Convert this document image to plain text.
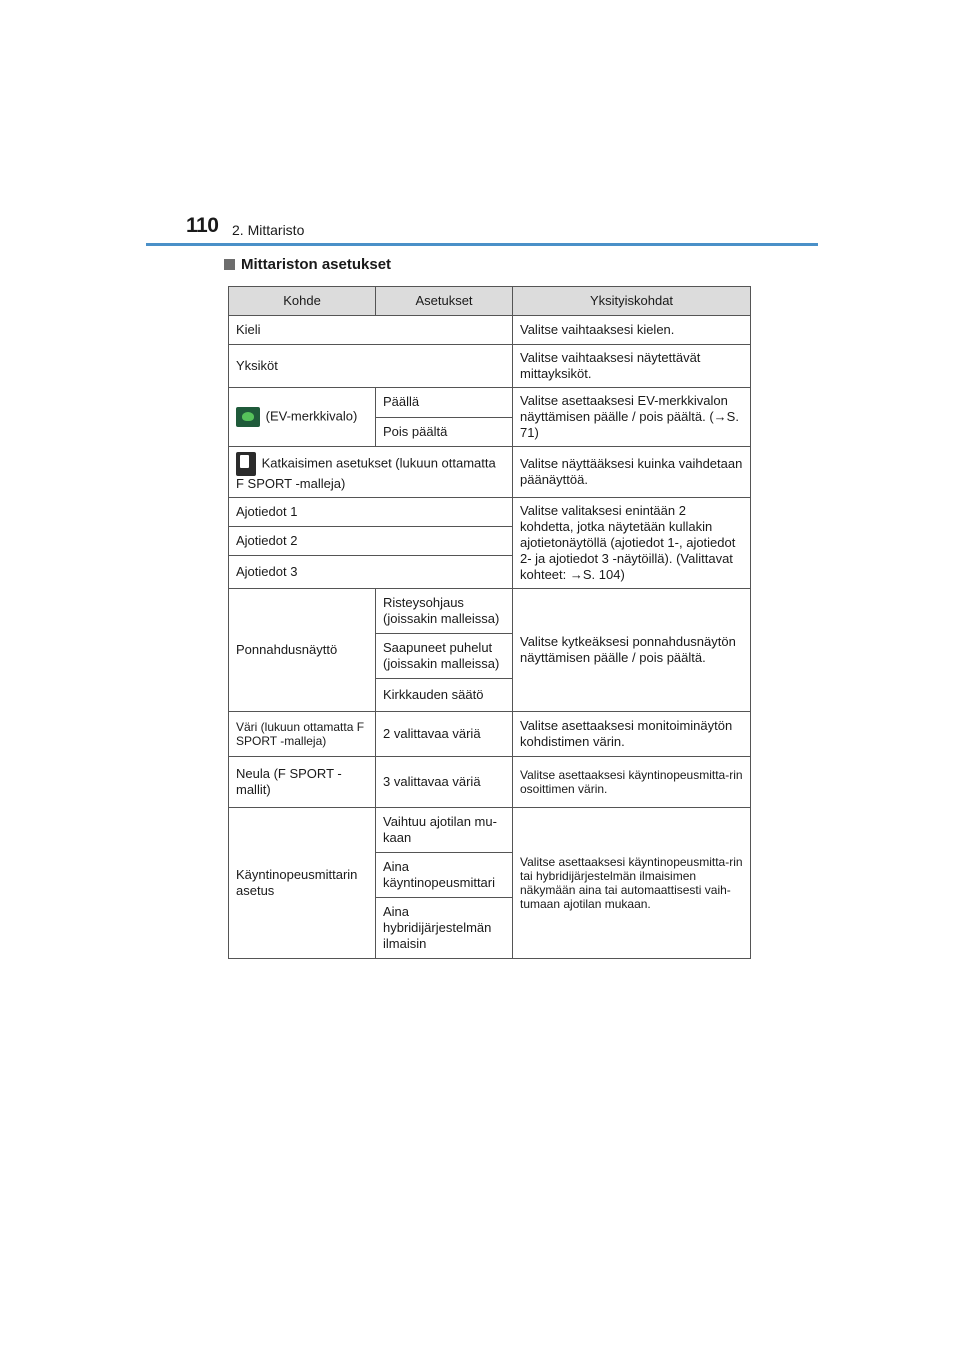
110 2. Mittaristo
Mittariston asetukset
Kohde	Asetukset	Yksityiskohdat
Kieli		Valitse vaihtaaksesi kielen.
Yksiköt		Valitse vaihtaaksesi näytettävät mittayksiköt.
(EV-merkkivalo)	Päällä	Valitse asettaaksesi EV-merkkivalon näyttämisen päälle / pois päältä. (→S. 71)
	Pois päältä	
Katkaisimen asetukset (lukuun ottamatta F SPORT -malleja)		Valitse näyttääksesi kuinka vaihdetaan päänäyttöä.
Ajotiedot 1		Valitse valitaksesi enintään 2 kohdetta, jotka näytetään kullakin ajotietonäytöllä (ajotiedot 1-, ajotiedot 2- ja ajotiedot 3 -näytöillä). (Valittavat kohteet: →S. 104)
Ajotiedot 2		
Ajotiedot 3		
Ponnahdusnäyttö	Risteysohjaus (joissakin malleissa)	Valitse kytkeäksesi ponnahdusnäytön näyttämisen päälle / pois päältä.
	Saapuneet puhelut (joissakin malleissa)	
	Kirkkauden säätö	
Väri (lukuun ottamatta F SPORT -malleja)	2 valittavaa väriä	Valitse asettaaksesi monitoiminäytön kohdistimen värin.
Neula (F SPORT - mallit)	3 valittavaa väriä	Valitse asettaaksesi käyntinopeusmitta-rin osoittimen värin.
Käyntinopeusmittarin asetus	Vaihtuu ajotilan mu-kaan	Valitse asettaaksesi käyntinopeusmitta-rin tai hybridijärjestelmän ilmaisimen näkymään aina tai automaattisesti vaih-tumaan ajotilan mukaan.
	Aina käyntinopeusmittari	
	Aina hybridijärjestelmän ilmaisin	
